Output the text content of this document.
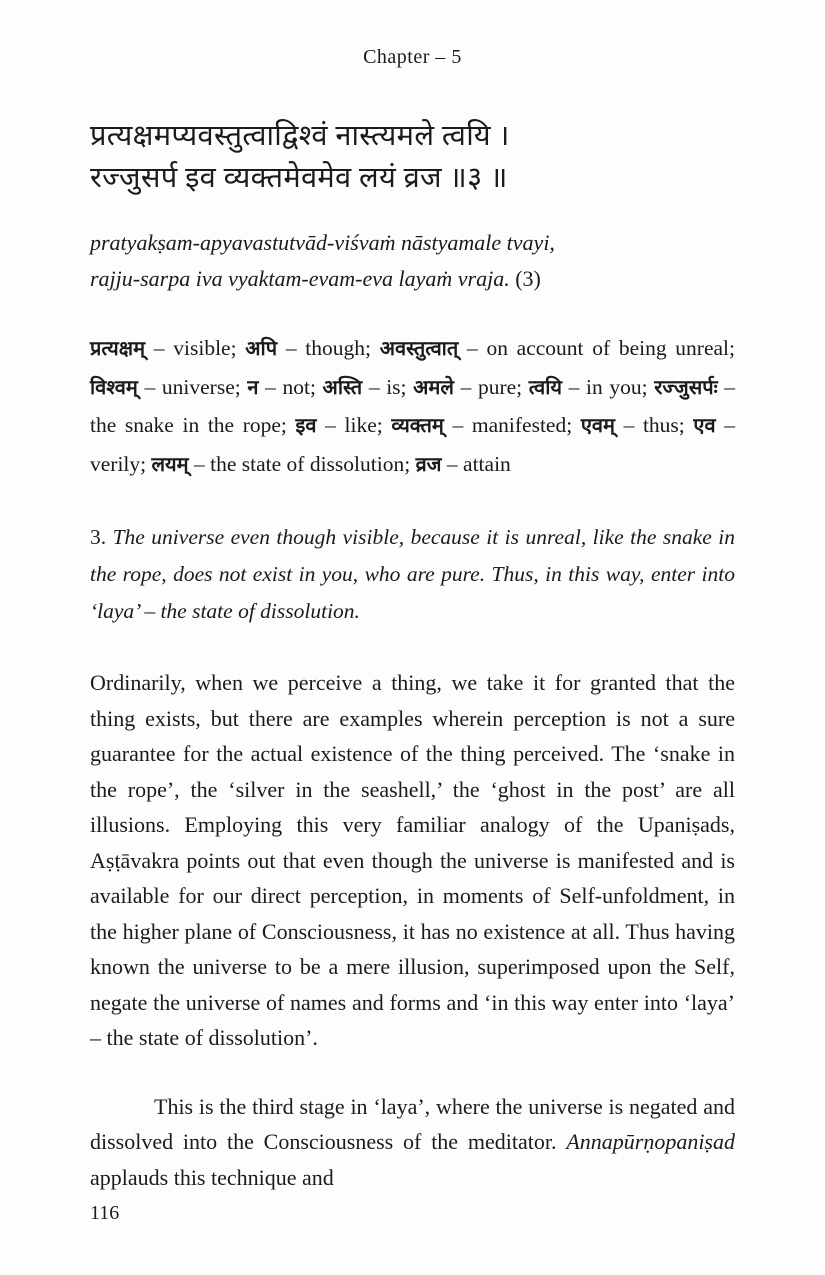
Chapter – 5
प्रत्यक्षमप्यवस्तुत्वाद्विश्वं नास्त्यमले त्वयि ।
रज्जुसर्प इव व्यक्तमेवमेव लयं व्रज ॥३ ॥
pratyakṣam-apyavastutvād-viśvaṁ nāstyamale tvayi,
rajju-sarpa iva vyaktam-evam-eva layaṁ vraja. (3)

प्रत्यक्षम् – visible; अपि – though; अवस्तुत्वात् – on account of being unreal; विश्वम् – universe; न – not; अस्ति – is; अमले – pure; त्वयि – in you; रज्जुसर्पः – the snake in the rope; इव – like; व्यक्तम् – manifested; एवम् – thus; एव – verily; लयम् – the state of dissolution; व्रज – attain

3. The universe even though visible, because it is unreal, like the snake in the rope, does not exist in you, who are pure. Thus, in this way, enter into ‘laya’ – the state of dissolution.

Ordinarily, when we perceive a thing, we take it for granted that the thing exists, but there are examples wherein perception is not a sure guarantee for the actual existence of the thing perceived. The ‘snake in the rope’, the ‘silver in the seashell,’ the ‘ghost in the post’ are all illusions. Employing this very familiar analogy of the Upaniṣads, Aṣṭāvakra points out that even though the universe is manifested and is available for our direct perception, in moments of Self-unfoldment, in the higher plane of Consciousness, it has no existence at all. Thus having known the universe to be a mere illusion, superimposed upon the Self, negate the universe of names and forms and ‘in this way enter into ‘laya’ – the state of dissolution’.

This is the third stage in ‘laya’, where the universe is negated and dissolved into the Consciousness of the meditator. Annapūrṇopaniṣad applauds this technique and

116
